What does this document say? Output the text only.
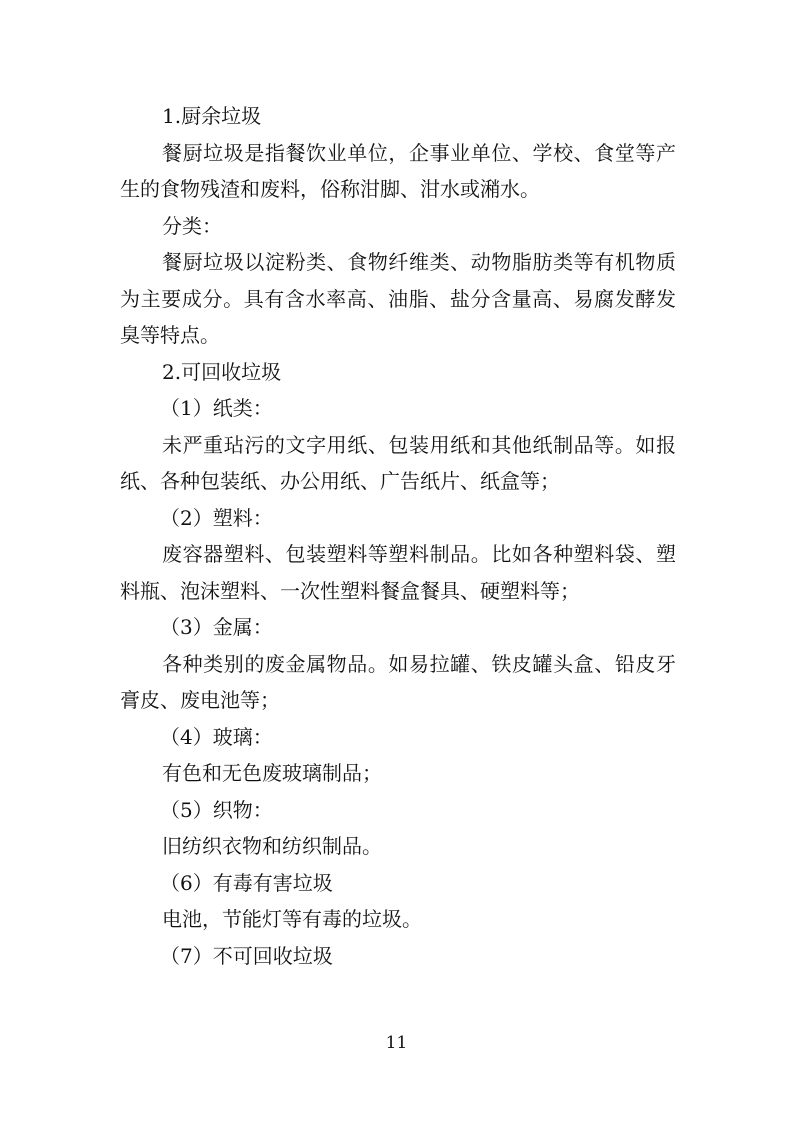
1.厨余垃圾

餐厨垃圾是指餐饮业单位，企事业单位、学校、食堂等产生的食物残渣和废料，俗称泔脚、泔水或潲水。

分类：

餐厨垃圾以淀粉类、食物纤维类、动物脂肪类等有机物质为主要成分。具有含水率高、油脂、盐分含量高、易腐发酵发臭等特点。

2.可回收垃圾

（1）纸类：

未严重玷污的文字用纸、包装用纸和其他纸制品等。如报纸、各种包装纸、办公用纸、广告纸片、纸盒等；

（2）塑料：

废容器塑料、包装塑料等塑料制品。比如各种塑料袋、塑料瓶、泡沫塑料、一次性塑料餐盒餐具、硬塑料等；

（3）金属：

各种类别的废金属物品。如易拉罐、铁皮罐头盒、铅皮牙膏皮、废电池等；

（4）玻璃：

有色和无色废玻璃制品；

（5）织物：

旧纺织衣物和纺织制品。

（6）有毒有害垃圾

电池，节能灯等有毒的垃圾。

（7）不可回收垃圾

11
